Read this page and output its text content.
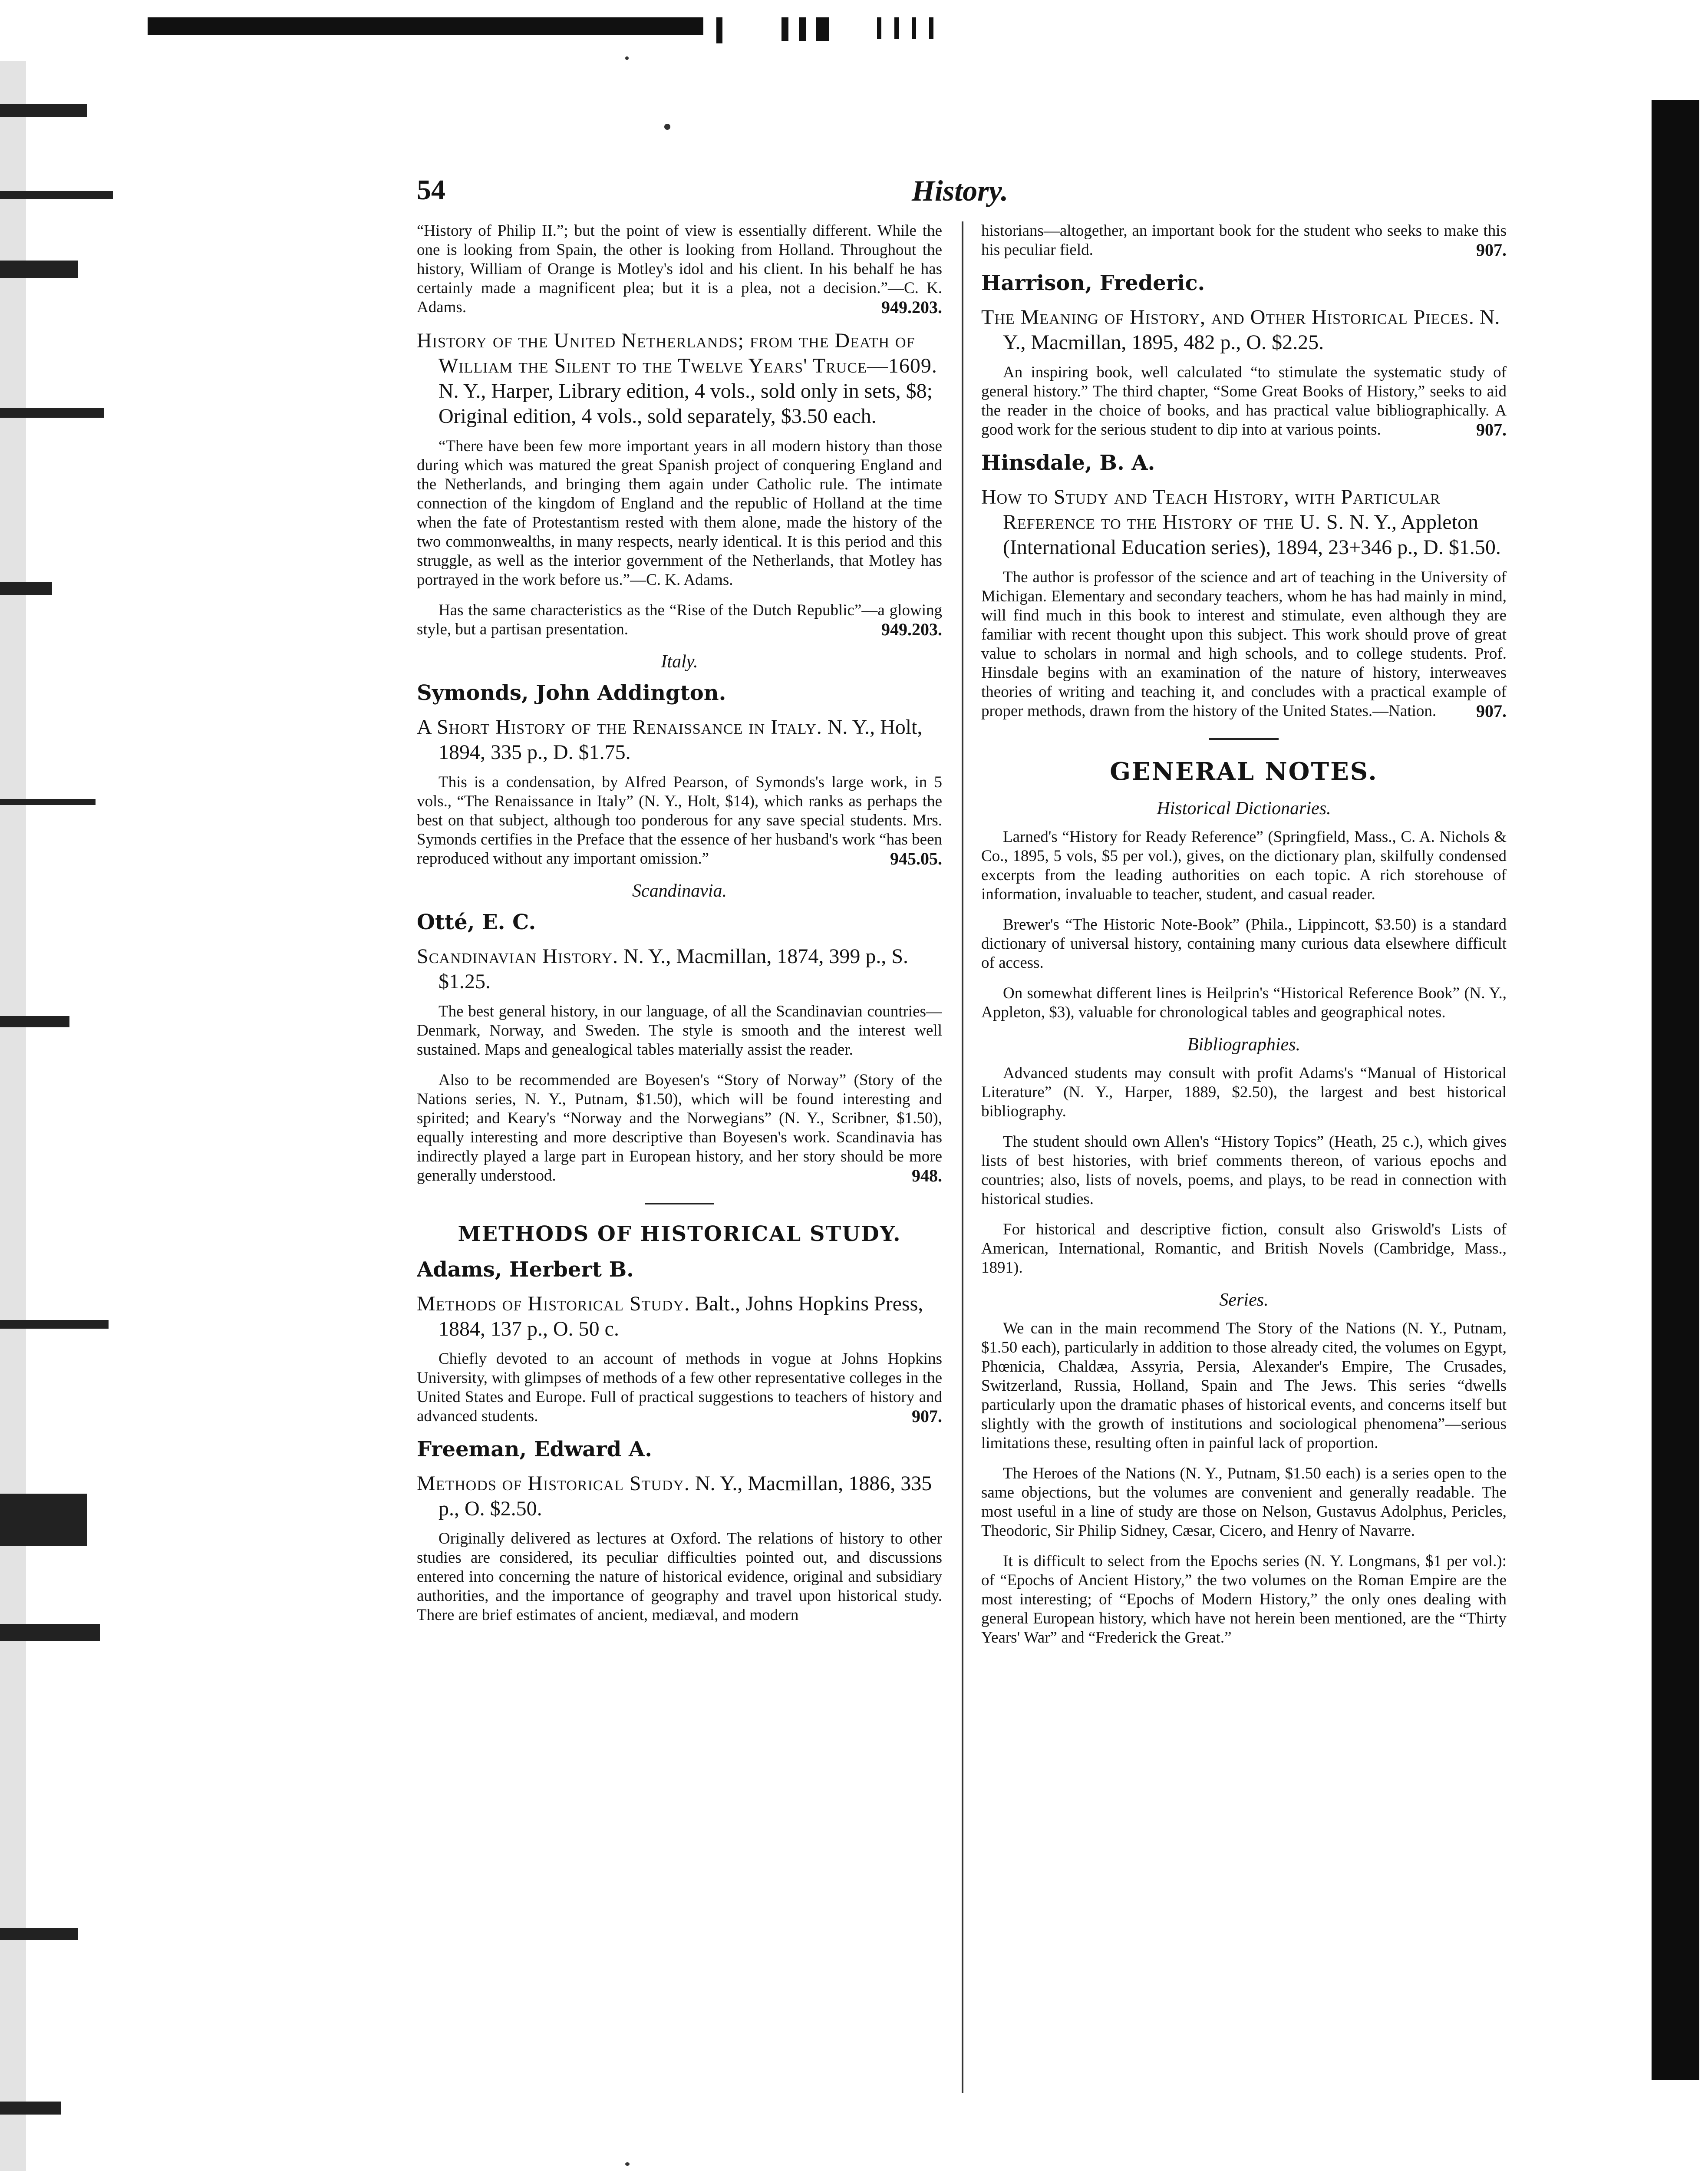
54	History.

“History of Philip II.”; but the point of view is essentially different. While the one is looking from Spain, the other is looking from Holland. Throughout the history, William of Orange is Motley's idol and his client. In his behalf he has certainly made a magnificent plea; but it is a plea, not a decision.”—C. K. Adams.	949.203.

History of the United Netherlands; from the Death of William the Silent to the Twelve Years' Truce—1609. N. Y., Harper, Library edition, 4 vols., sold only in sets, $8; Original edition, 4 vols., sold separately, $3.50 each.

“There have been few more important years in all modern history than those during which was matured the great Spanish project of conquering England and the Netherlands, and bringing them again under Catholic rule. The intimate connection of the kingdom of England and the republic of Holland at the time when the fate of Protestantism rested with them alone, made the history of the two commonwealths, in many respects, nearly identical. It is this period and this struggle, as well as the interior government of the Netherlands, that Motley has portrayed in the work before us.”—C. K. Adams.

Has the same characteristics as the “Rise of the Dutch Republic”—a glowing style, but a partisan presentation.	949.203.

Italy.
Symonds, John Addington.
A Short History of the Renaissance in Italy. N. Y., Holt, 1894, 335 p., D. $1.75.

This is a condensation, by Alfred Pearson, of Symonds's large work, in 5 vols., “The Renaissance in Italy” (N. Y., Holt, $14), which ranks as perhaps the best on that subject, although too ponderous for any save special students. Mrs. Symonds certifies in the Preface that the essence of her husband's work “has been reproduced without any important omission.”	945.05.

Scandinavia.
Otté, E. C.
Scandinavian History. N. Y., Macmillan, 1874, 399 p., S. $1.25.

The best general history, in our language, of all the Scandinavian countries—Denmark, Norway, and Sweden. The style is smooth and the interest well sustained. Maps and genealogical tables materially assist the reader.

Also to be recommended are Boyesen's “Story of Norway” (Story of the Nations series, N. Y., Putnam, $1.50), which will be found interesting and spirited; and Keary's “Norway and the Norwegians” (N. Y., Scribner, $1.50), equally interesting and more descriptive than Boyesen's work. Scandinavia has indirectly played a large part in European history, and her story should be more generally understood.	948.

METHODS OF HISTORICAL STUDY.
Adams, Herbert B.
Methods of Historical Study. Balt., Johns Hopkins Press, 1884, 137 p., O. 50 c.

Chiefly devoted to an account of methods in vogue at Johns Hopkins University, with glimpses of methods of a few other representative colleges in the United States and Europe. Full of practical suggestions to teachers of history and advanced students.	907.

Freeman, Edward A.
Methods of Historical Study. N. Y., Macmillan, 1886, 335 p., O. $2.50.

Originally delivered as lectures at Oxford. The relations of history to other studies are considered, its peculiar difficulties pointed out, and discussions entered into concerning the nature of historical evidence, original and subsidiary authorities, and the importance of geography and travel upon historical study. There are brief estimates of ancient, mediæval, and modern

historians—altogether, an important book for the student who seeks to make this his peculiar field.	907.

Harrison, Frederic.
The Meaning of History, and Other Historical Pieces. N. Y., Macmillan, 1895, 482 p., O. $2.25.

An inspiring book, well calculated “to stimulate the systematic study of general history.” The third chapter, “Some Great Books of History,” seeks to aid the reader in the choice of books, and has practical value bibliographically. A good work for the serious student to dip into at various points.	907.

Hinsdale, B. A.
How to Study and Teach History, with Particular Reference to the History of the U. S. N. Y., Appleton (International Education series), 1894, 23+346 p., D. $1.50.

The author is professor of the science and art of teaching in the University of Michigan. Elementary and secondary teachers, whom he has had mainly in mind, will find much in this book to interest and stimulate, even although they are familiar with recent thought upon this subject. This work should prove of great value to scholars in normal and high schools, and to college students. Prof. Hinsdale begins with an examination of the nature of history, interweaves theories of writing and teaching it, and concludes with a practical example of proper methods, drawn from the history of the United States.—Nation.	907.

GENERAL NOTES.
Historical Dictionaries.

Larned's “History for Ready Reference” (Springfield, Mass., C. A. Nichols & Co., 1895, 5 vols, $5 per vol.), gives, on the dictionary plan, skilfully condensed excerpts from the leading authorities on each topic. A rich storehouse of information, invaluable to teacher, student, and casual reader.

Brewer's “The Historic Note-Book” (Phila., Lippincott, $3.50) is a standard dictionary of universal history, containing many curious data elsewhere difficult of access.

On somewhat different lines is Heilprin's “Historical Reference Book” (N. Y., Appleton, $3), valuable for chronological tables and geographical notes.

Bibliographies.

Advanced students may consult with profit Adams's “Manual of Historical Literature” (N. Y., Harper, 1889, $2.50), the largest and best historical bibliography.

The student should own Allen's “History Topics” (Heath, 25 c.), which gives lists of best histories, with brief comments thereon, of various epochs and countries; also, lists of novels, poems, and plays, to be read in connection with historical studies.

For historical and descriptive fiction, consult also Griswold's Lists of American, International, Romantic, and British Novels (Cambridge, Mass., 1891).

Series.

We can in the main recommend The Story of the Nations (N. Y., Putnam, $1.50 each), particularly in addition to those already cited, the volumes on Egypt, Phœnicia, Chaldæa, Assyria, Persia, Alexander's Empire, The Crusades, Switzerland, Russia, Holland, Spain and The Jews. This series “dwells particularly upon the dramatic phases of historical events, and concerns itself but slightly with the growth of institutions and sociological phenomena”—serious limitations these, resulting often in painful lack of proportion.

The Heroes of the Nations (N. Y., Putnam, $1.50 each) is a series open to the same objections, but the volumes are convenient and generally readable. The most useful in a line of study are those on Nelson, Gustavus Adolphus, Pericles, Theodoric, Sir Philip Sidney, Cæsar, Cicero, and Henry of Navarre.

It is difficult to select from the Epochs series (N. Y. Longmans, $1 per vol.): of “Epochs of Ancient History,” the two volumes on the Roman Empire are the most interesting; of “Epochs of Modern History,” the only ones dealing with general European history, which have not herein been mentioned, are the “Thirty Years' War” and “Frederick the Great.”
